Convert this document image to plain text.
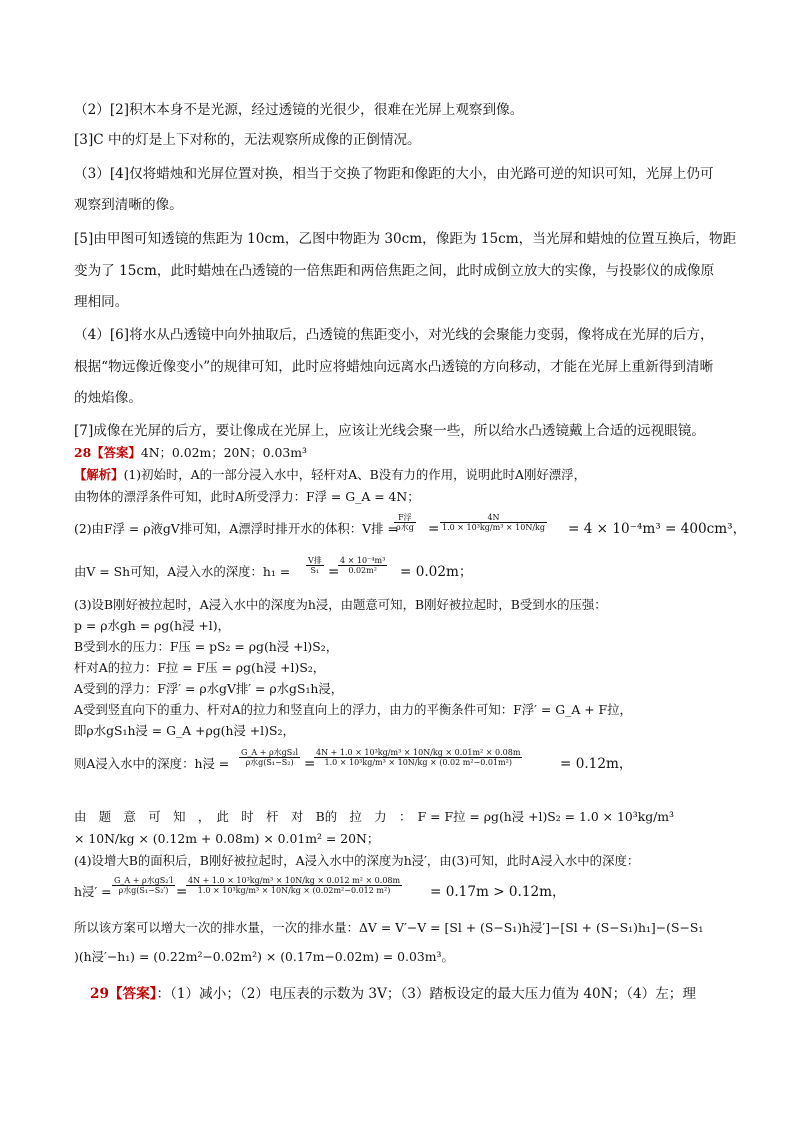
（2）[2]积木本身不是光源，经过透镜的光很少，很难在光屏上观察到像。
[3]C 中的灯是上下对称的，无法观察所成像的正倒情况。
（3）[4]仅将蜡烛和光屏位置对换，相当于交换了物距和像距的大小，由光路可逆的知识可知，光屏上仍可
观察到清晰的像。
[5]由甲图可知透镜的焦距为 10cm，乙图中物距为 30cm，像距为 15cm，当光屏和蜡烛的位置互换后，物距
变为了 15cm，此时蜡烛在凸透镜的一倍焦距和两倍焦距之间，此时成倒立放大的实像，与投影仪的成像原
理相同。
（4）[6]将水从凸透镜中向外抽取后，凸透镜的焦距变小，对光线的会聚能力变弱，像将成在光屏的后方，
根据“物远像近像变小”的规律可知，此时应将蜡烛向远离水凸透镜的方向移动，才能在光屏上重新得到清晰
的烛焰像。
[7]成像在光屏的后方，要让像成在光屏上，应该让光线会聚一些，所以给水凸透镜戴上合适的远视眼镜。
28【答案】4N；0.02m；20N；0.03m³
【解析】(1)初始时，A的一部分浸入水中，轻杆对A、B没有力的作用，说明此时A刚好漂浮，
由物体的漂浮条件可知，此时A所受浮力：F浮 = G_A = 4N；
(2)由F浮 = ρ液gV排可知，A漂浮时排开水的体积：V排 =
F浮
ρ水$g = \frac{4N}{\text{1.0 × 10³kg/m³ × 10N/kg}} = 4 \times 10^{-4}m^3 = 400cm^3$，
由V = Sh可知，A浸入水的深度：h₁ =
V排
S₁ =
$\frac{\text{4 × 10⁻⁴m³}}{\text{0.02m²}} = 0.02m$；
(3)设B刚好被拉起时，A浸入水中的深度为h浸，由题意可知，B刚好被拉起时，B受到水的压强：
p = ρ水gh = ρg(h浸 +l)，
B受到水的压力：F压 = pS₂ = ρg(h浸 +l)S₂，
杆对A的拉力：F拉 = F压 = ρg(h浸 +l)S₂，
A受到的浮力：F浮′ = ρ水gV排′ = ρ水gS₁h浸，
A受到竖直向下的重力、杆对A的拉力和竖直向上的浮力，由力的平衡条件可知：F浮′ = G_A + F拉，
即ρ水gS₁h浸 = G_A +ρg(h浸 +l)S₂，
则A浸入水中的深度：h浸 =
G_A + ρ水gS₂l
ρ水g(S₁−S₂) =
$\frac{\text{4N + 1.0 × 10³kg/m³ × 10N/kg × 0.01m² × 0.08m}}{\text{1.0 × 10³kg/m³ × 10N/kg × (0.02 m²−0.01m²)}}$	= 0.12m，
由　题　意　可　知　，　此　时　杆　对　B的　拉　力　：　F = F拉 = ρg(h浸 +l)S₂ = 1.0 × 10³kg/m³
× 10N/kg × (0.12m + 0.08m) × 0.01m² = 20N；
(4)设增大B的面积后，B刚好被拉起时，A浸入水中的深度为h浸′，由(3)可知，此时A浸入水中的深度：
h浸′ =
G_A + ρ水gS₂′l
ρ水g(S₁−S₂′) =
$\frac{\text{4N + 1.0 × 10³kg/m³ × 10N/kg × 0.012 m² × 0.08m}}{\text{1.0 × 10³kg/m³ × 10N/kg × (0.02m²−0.012 m²)}} = 0.17m > 0.12m$，
所以该方案可以增大一次的排水量，一次的排水量：ΔV = V′−V = [Sl + (S−S₁)h浸′]−[Sl + (S−S₁)h₁]−(S−S₁
)(h浸′−h₁) = (0.22m²−0.02m²) × (0.17m−0.02m) = 0.03m³。
29【答案】：（1）减小；（2）电压表的示数为 3V；（3）踏板设定的最大压力值为 40N；（4）左；理
